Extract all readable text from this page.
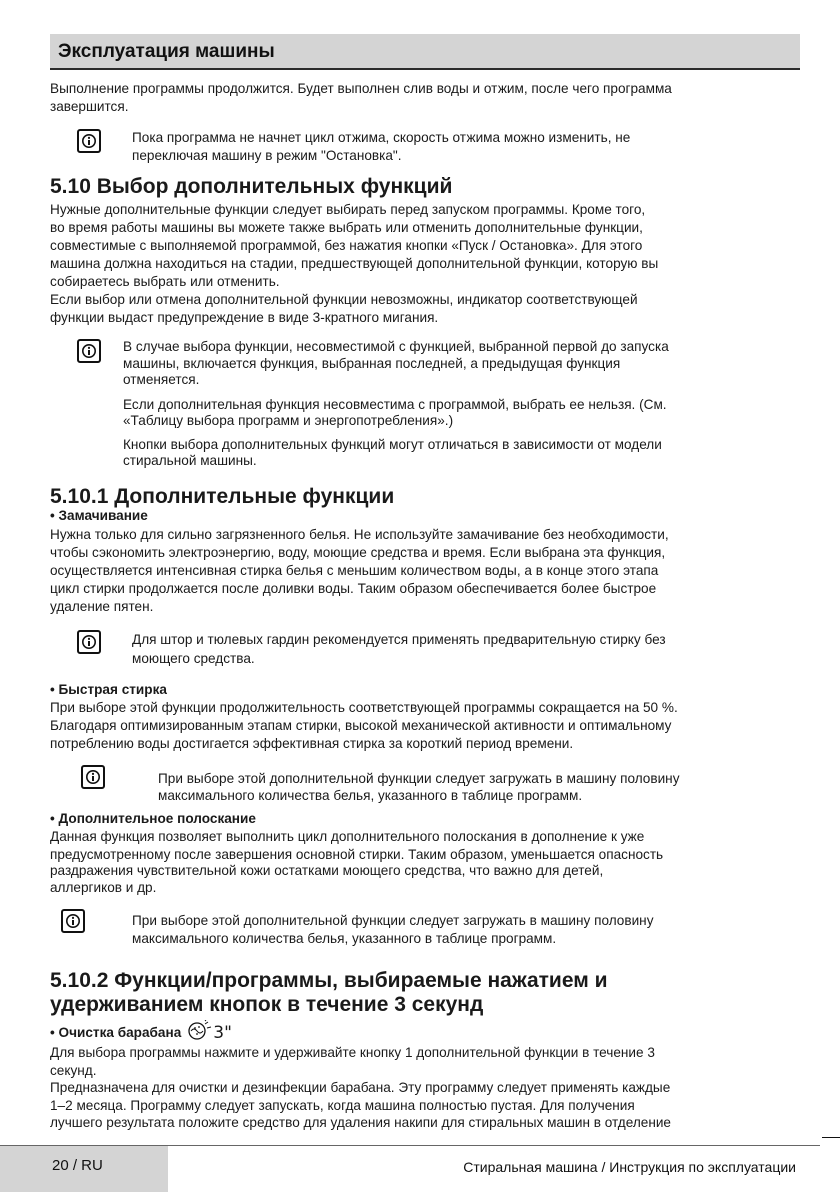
Эксплуатация машины

Выполнение программы продолжится. Будет выполнен слив воды и отжим, после чего программа

завершится.

Пока программа не начнет цикл отжима, скорость отжима можно изменить, не

переключая машину в режим "Остановка".

5.10 Выбор дополнительных функций

Нужные дополнительные функции следует выбирать перед запуском программы. Кроме того,

во время работы машины вы можете также выбрать или отменить дополнительные функции,

совместимые с выполняемой программой, без нажатия кнопки «Пуск / Остановка». Для этого

машина должна находиться на стадии, предшествующей дополнительной функции, которую вы

собираетесь выбрать или отменить.

Если выбор или отмена дополнительной функции невозможны, индикатор соответствующей

функции выдаст предупреждение в виде 3-кратного мигания.

В случае выбора функции, несовместимой с функцией, выбранной первой до запуска

машины, включается функция, выбранная последней, а предыдущая функция

отменяется.

Если дополнительная функция несовместима с программой, выбрать ее нельзя. (См.

«Таблицу выбора программ и энергопотребления».)

Кнопки выбора дополнительных функций могут отличаться в зависимости от модели

стиральной машины.

5.10.1 Дополнительные функции
• Замачивание

Нужна только для сильно загрязненного белья. Не используйте замачивание без необходимости,

чтобы сэкономить электроэнергию, воду, моющие средства и время. Если выбрана эта функция,

осуществляется интенсивная стирка белья с меньшим количеством воды, а в конце этого этапа

цикл стирки продолжается после доливки воды. Таким образом обеспечивается более быстрое

удаление пятен.

Для штор и тюлевых гардин рекомендуется применять предварительную стирку без

моющего средства.

• Быстрая стирка

При выборе этой функции продолжительность соответствующей программы сокращается на 50 %.

Благодаря оптимизированным этапам стирки, высокой механической активности и оптимальному

потреблению воды достигается эффективная стирка за короткий период времени.

При выборе этой дополнительной функции следует загружать в машину половину

максимального количества белья, указанного в таблице программ.

• Дополнительное полоскание

Данная функция позволяет выполнить цикл дополнительного полоскания в дополнение к уже

предусмотренному после завершения основной стирки. Таким образом, уменьшается опасность

раздражения чувствительной кожи остатками моющего средства, что важно для детей,

аллергиков и др.

При выборе этой дополнительной функции следует загружать в машину половину

максимального количества белья, указанного в таблице программ.

5.10.2 Функции/программы, выбираемые нажатием и
удерживанием кнопок в течение 3 секунд
• Очистка барабана 3"

Для выбора программы нажмите и удерживайте кнопку 1 дополнительной функции в течение 3

секунд.

Предназначена для очистки и дезинфекции барабана. Эту программу следует применять каждые

1–2 месяца. Программу следует запускать, когда машина полностью пустая. Для получения

лучшего результата положите средство для удаления накипи для стиральных машин в отделение

20 / RU	Стиральная машина / Инструкция по эксплуатации
